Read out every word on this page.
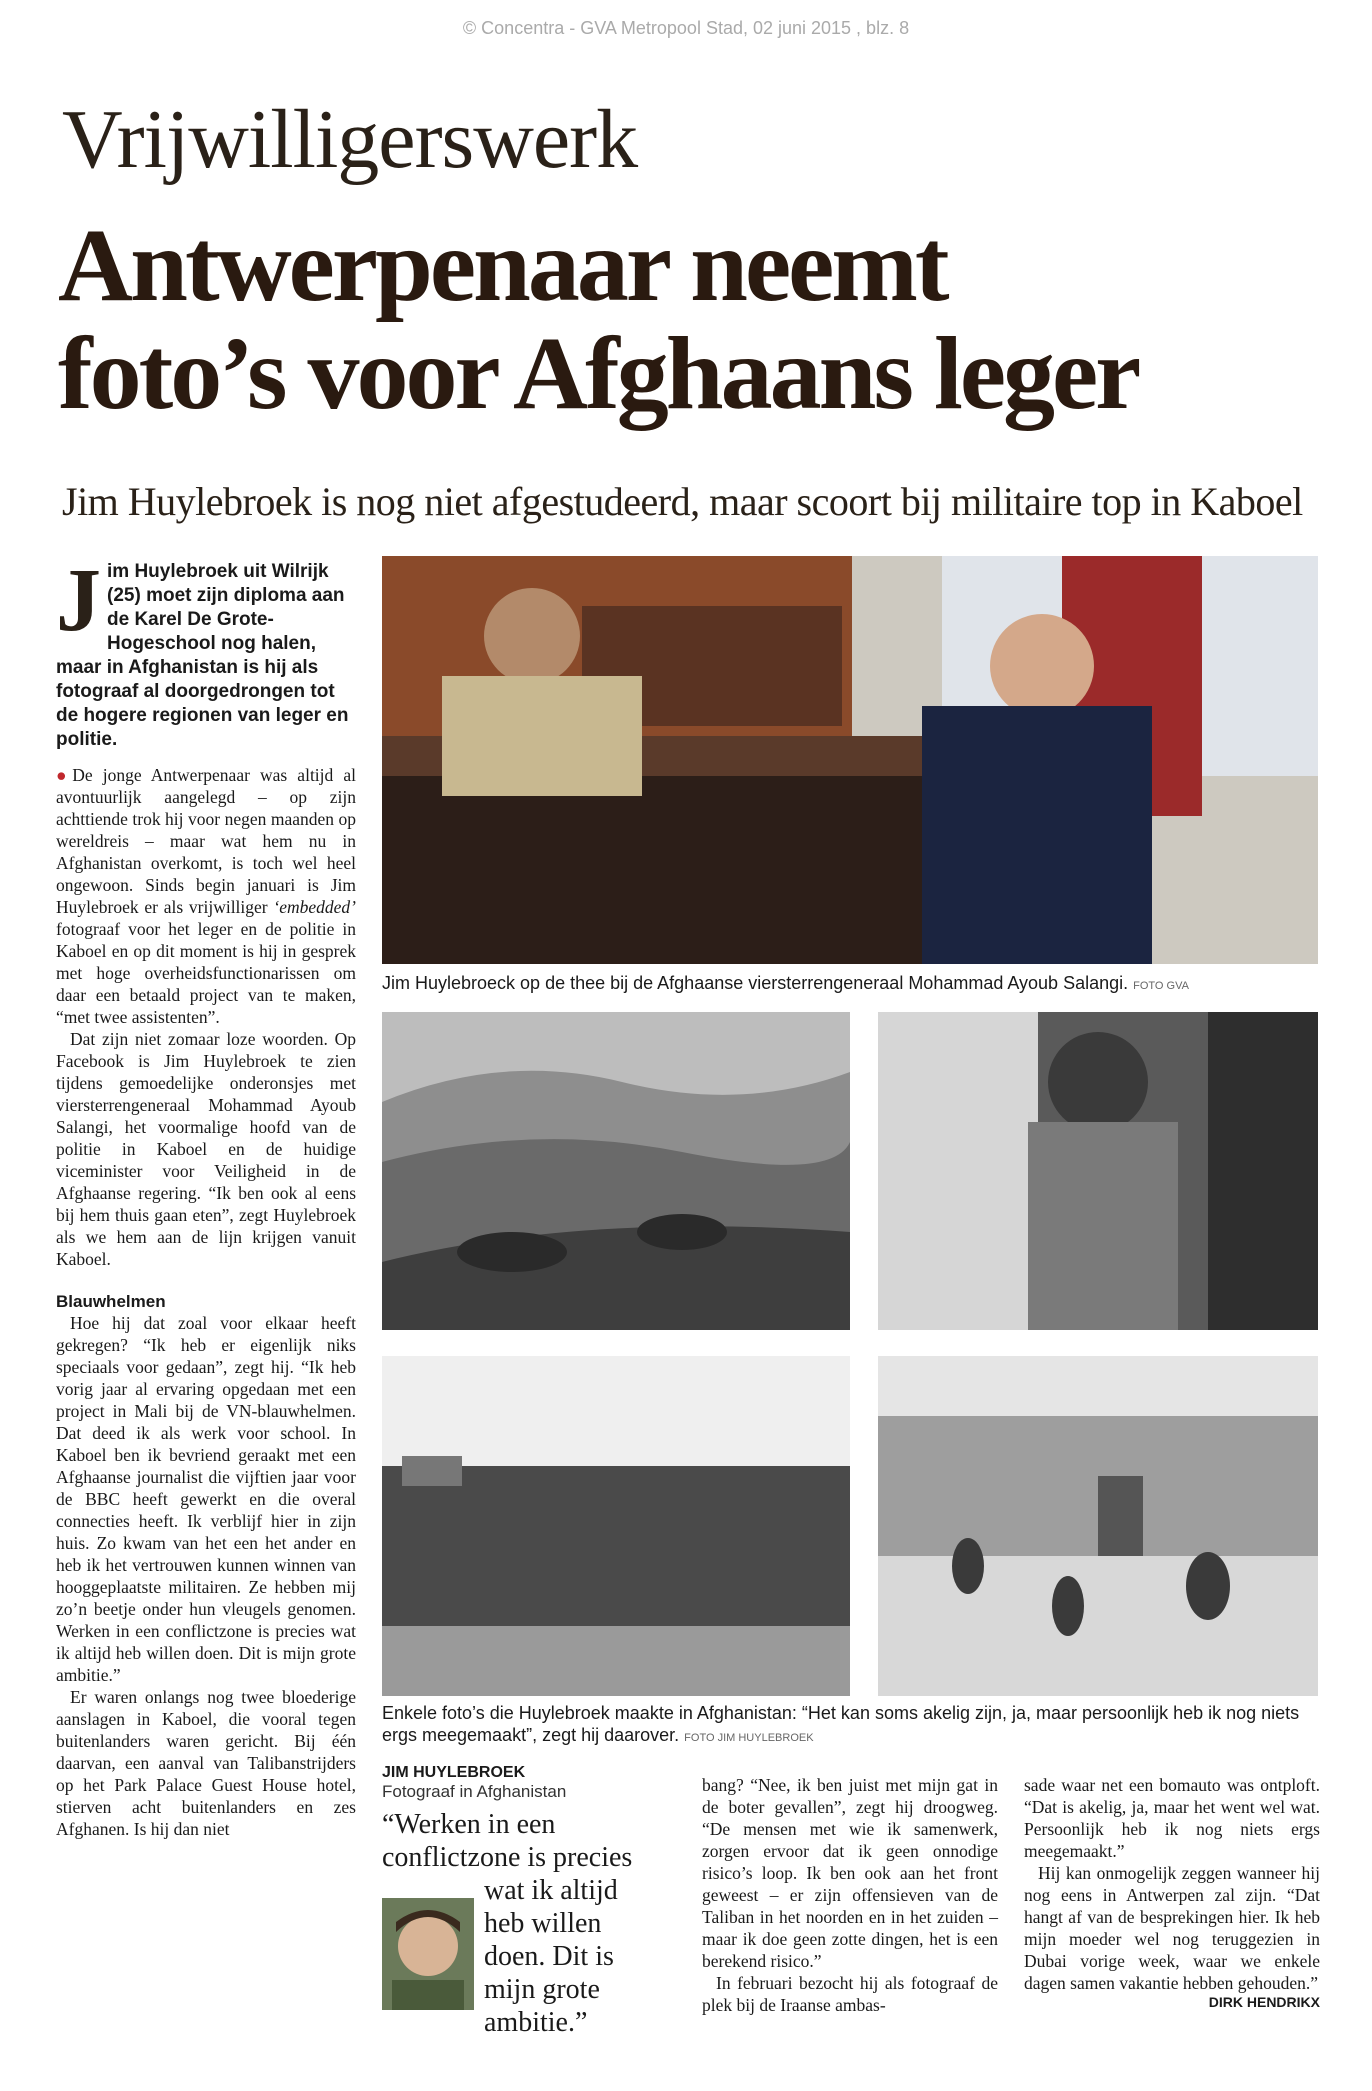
© Concentra - GVA Metropool Stad, 02 juni 2015 , blz. 8
Vrijwilligerswerk
Antwerpenaar neemt
foto’s voor Afghaans leger
Jim Huylebroek is nog niet afgestudeerd, maar scoort bij militaire top in Kaboel
Jim Huylebroek uit Wilrijk (25) moet zijn diploma aan de Karel De Grote-Hogeschool nog halen, maar in Afghanistan is hij als fotograaf al doorgedrongen tot de hogere regionen van leger en politie.

●De jonge Antwerpenaar was altijd al avontuurlijk aangelegd – op zijn achttiende trok hij voor negen maanden op wereldreis – maar wat hem nu in Afghanistan overkomt, is toch wel heel ongewoon. Sinds begin januari is Jim Huylebroek er als vrijwilliger ‘embedded’ fotograaf voor het leger en de politie in Kaboel en op dit moment is hij in gesprek met hoge overheidsfunctionarissen om daar een betaald project van te maken, “met twee assistenten”.

Dat zijn niet zomaar loze woorden. Op Facebook is Jim Huylebroek te zien tijdens gemoedelijke onderonsjes met viersterrengeneraal Mohammad Ayoub Salangi, het voormalige hoofd van de politie in Kaboel en de huidige viceminister voor Veiligheid in de Afghaanse regering. “Ik ben ook al eens bij hem thuis gaan eten”, zegt Huylebroek als we hem aan de lijn krijgen vanuit Kaboel.

Blauwhelmen

Hoe hij dat zoal voor elkaar heeft gekregen? “Ik heb er eigenlijk niks speciaals voor gedaan”, zegt hij. “Ik heb vorig jaar al ervaring opgedaan met een project in Mali bij de VN-blauwhelmen. Dat deed ik als werk voor school. In Kaboel ben ik bevriend geraakt met een Afghaanse journalist die vijftien jaar voor de BBC heeft gewerkt en die overal connecties heeft. Ik verblijf hier in zijn huis. Zo kwam van het een het ander en heb ik het vertrouwen kunnen winnen van hooggeplaatste militairen. Ze hebben mij zo’n beetje onder hun vleugels genomen. Werken in een conflictzone is precies wat ik altijd heb willen doen. Dit is mijn grote ambitie.”

Er waren onlangs nog twee bloederige aanslagen in Kaboel, die vooral tegen buitenlanders waren gericht. Bij één daarvan, een aanval van Talibanstrijders op het Park Palace Guest House hotel, stierven acht buitenlanders en zes Afghanen. Is hij dan niet

Jim Huylebroeck op de thee bij de Afghaanse viersterrengeneraal Mohammad Ayoub Salangi. FOTO GVA
Enkele foto’s die Huylebroek maakte in Afghanistan: “Het kan soms akelig zijn, ja, maar persoonlijk heb ik nog niets ergs meegemaakt”, zegt hij daarover. FOTO JIM HUYLEBROEK
JIM HUYLEBROEK
Fotograaf in Afghanistan
“Werken in een
conflictzone is precies
wat ik altijd
heb willen
doen. Dit is
mijn grote
ambitie.”

bang? “Nee, ik ben juist met mijn gat in de boter gevallen”, zegt hij droogweg. “De mensen met wie ik samenwerk, zorgen ervoor dat ik geen onnodige risico’s loop. Ik ben ook aan het front geweest – er zijn offensieven van de Taliban in het noorden en in het zuiden – maar ik doe geen zotte dingen, het is een berekend risico.”

In februari bezocht hij als fotograaf de plek bij de Iraanse ambas-

sade waar net een bomauto was ontploft. “Dat is akelig, ja, maar het went wel wat. Persoonlijk heb ik nog niets ergs meegemaakt.”

Hij kan onmogelijk zeggen wanneer hij nog eens in Antwerpen zal zijn. “Dat hangt af van de besprekingen hier. Ik heb mijn moeder wel nog teruggezien in Dubai vorige week, waar we enkele dagen samen vakantie hebben gehouden.”

DIRK HENDRIKX
